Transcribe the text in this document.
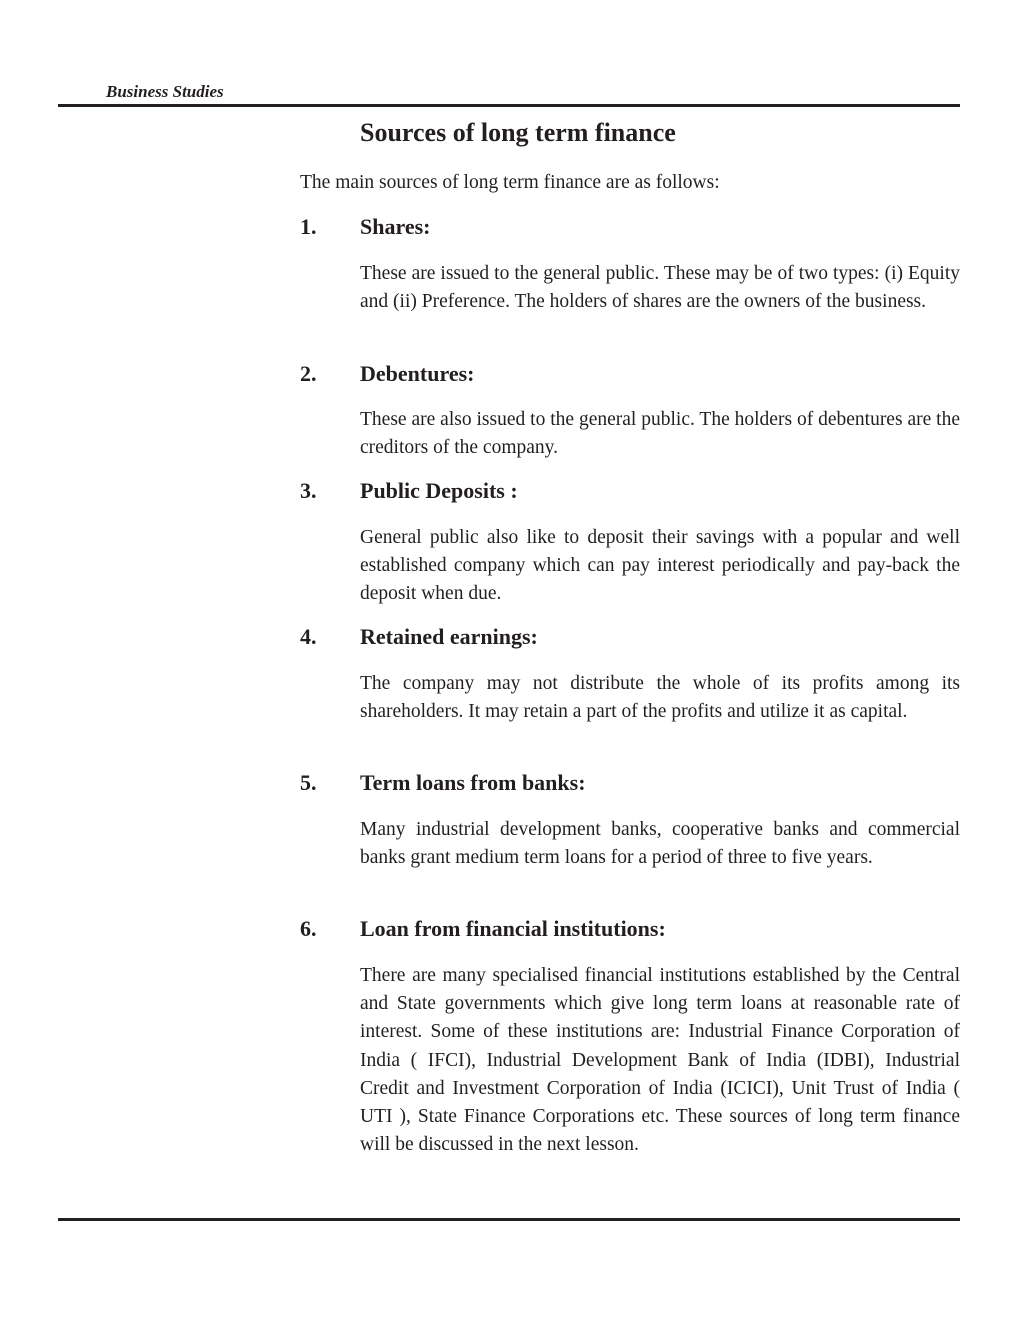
Business Studies
Sources of long term finance
The main sources of long term finance are as follows:
1. Shares:
These are issued to the general public. These may be of two types: (i) Equity and (ii) Preference. The holders of shares are the owners of the business.
2. Debentures:
These are also issued to the general public. The holders of debentures are the creditors of the company.
3. Public Deposits :
General public also like to deposit their savings with a popular and well established company which can pay interest periodically and pay-back the deposit when due.
4. Retained earnings:
The company may not distribute the whole of its profits among its shareholders. It may retain a part of the profits and utilize it as capital.
5. Term loans from banks:
Many industrial development banks, cooperative banks and commercial banks grant medium term loans for a period of three to five years.
6. Loan from financial institutions:
There are many specialised financial institutions established by the Central and State governments which give long term loans at reasonable rate of interest. Some of these institutions are: Industrial Finance Corporation of India ( IFCI), Industrial Development Bank of India (IDBI), Industrial Credit and Investment Corporation of India (ICICI), Unit Trust of India ( UTI ), State Finance Corporations etc. These sources of long term finance will be discussed in the next lesson.
